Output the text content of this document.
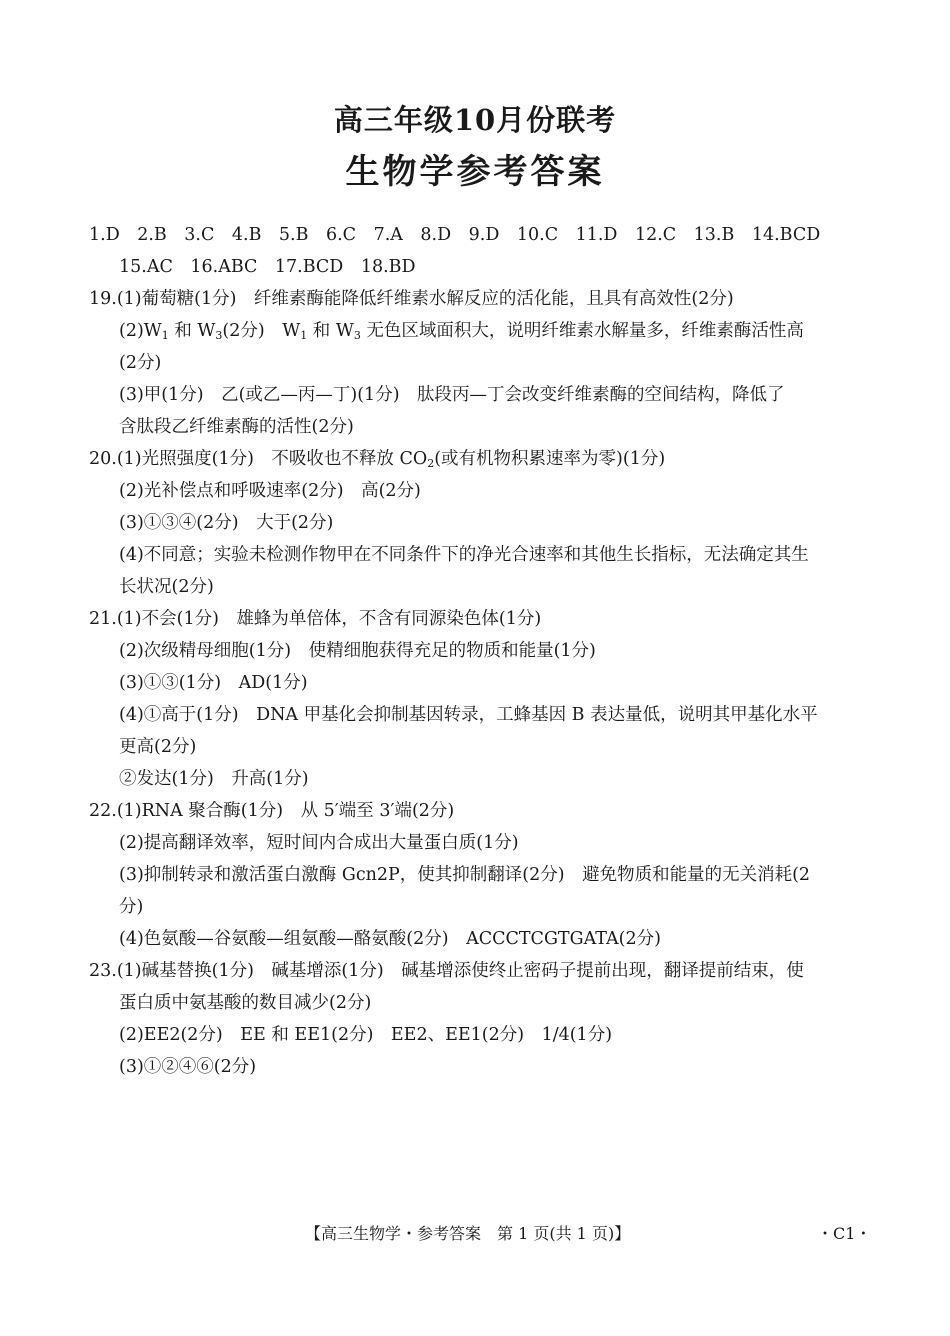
高三年级10月份联考
生物学参考答案
1.D　2.B　3.C　4.B　5.B　6.C　7.A　8.D　9.D　10.C　11.D　12.C　13.B　14.BCD
15.AC　16.ABC　17.BCD　18.BD
19.(1)葡萄糖(1分)　纤维素酶能降低纤维素水解反应的活化能，且具有高效性(2分)
$(2)W_1$ 和 $W_3(2$分)　$W_1$ 和 $W_3$ 无色区域面积大，说明纤维素水解量多，纤维素酶活性高
(2分)
(3)甲(1分)　乙(或乙—丙—丁)(1分)　肽段丙—丁会改变纤维素酶的空间结构，降低了
含肽段乙纤维素酶的活性(2分)
20.(1)光照强度(1分)　不吸收也不释放 $CO_2$(或有机物积累速率为零)(1分)
(2)光补偿点和呼吸速率(2分)　高(2分)
(3)①③④(2分)　大于(2分)
(4)不同意；实验未检测作物甲在不同条件下的净光合速率和其他生长指标，无法确定其生
长状况(2分)
21.(1)不会(1分)　雄蜂为单倍体，不含有同源染色体(1分)
(2)次级精母细胞(1分)　使精细胞获得充足的物质和能量(1分)
(3)①③(1分)　AD(1分)
(4)①高于(1分)　DNA 甲基化会抑制基因转录，工蜂基因 B 表达量低，说明其甲基化水平
更高(2分)
②发达(1分)　升高(1分)
22.(1)RNA 聚合酶(1分)　从 5′端至 3′端(2分)
(2)提高翻译效率，短时间内合成出大量蛋白质(1分)
(3)抑制转录和激活蛋白激酶 Gcn2P，使其抑制翻译(2分)　避免物质和能量的无关消耗(2
分)
(4)色氨酸—谷氨酸—组氨酸—酪氨酸(2分)　ACCCTCGTGATA(2分)
23.(1)碱基替换(1分)　碱基增添(1分)　碱基增添使终止密码子提前出现，翻译提前结束，使
蛋白质中氨基酸的数目减少(2分)
(2)EE2(2分)　EE 和 EE1(2分)　EE2、EE1(2分)　1/4(1分)
(3)①②④⑥(2分)
【高三生物学・参考答案　第 1 页(共 1 页)】	・C1・
